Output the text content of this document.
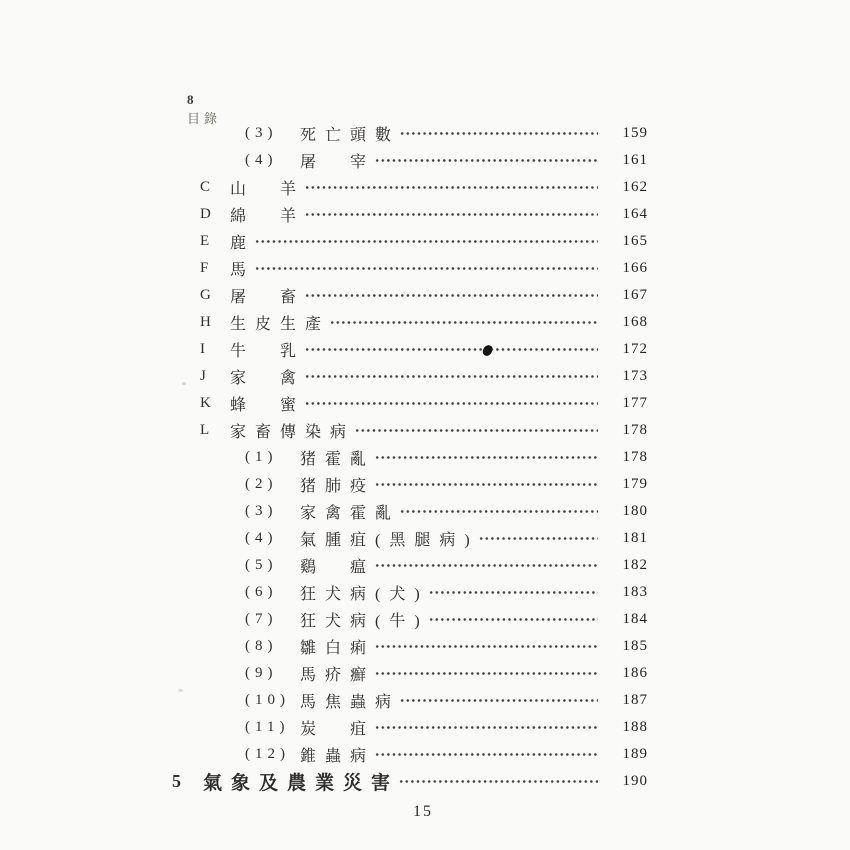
8
目錄

(3)	死亡頭數	159
(4)	屠　宰	161
C	山　羊	162
D	綿　羊	164
E	鹿	165
F	馬	166
G	屠　畜	167
H	生皮生產	168
I	牛　乳	172
J	家　禽	173
K	蜂　蜜	177
L	家畜傳染病	178
(1)	猪霍亂	178
(2)	猪肺疫	179
(3)	家禽霍亂	180
(4)	氣腫疽(黑腿病)	181
(5)	鷄　瘟	182
(6)	狂犬病(犬)	183
(7)	狂犬病(牛)	184
(8)	雛白痢	185
(9)	馬疥癬	186
(10) 馬焦蟲病	187
(11) 炭　疽	188
(12) 錐蟲病	189
5	氣象及農業災害	190
15
